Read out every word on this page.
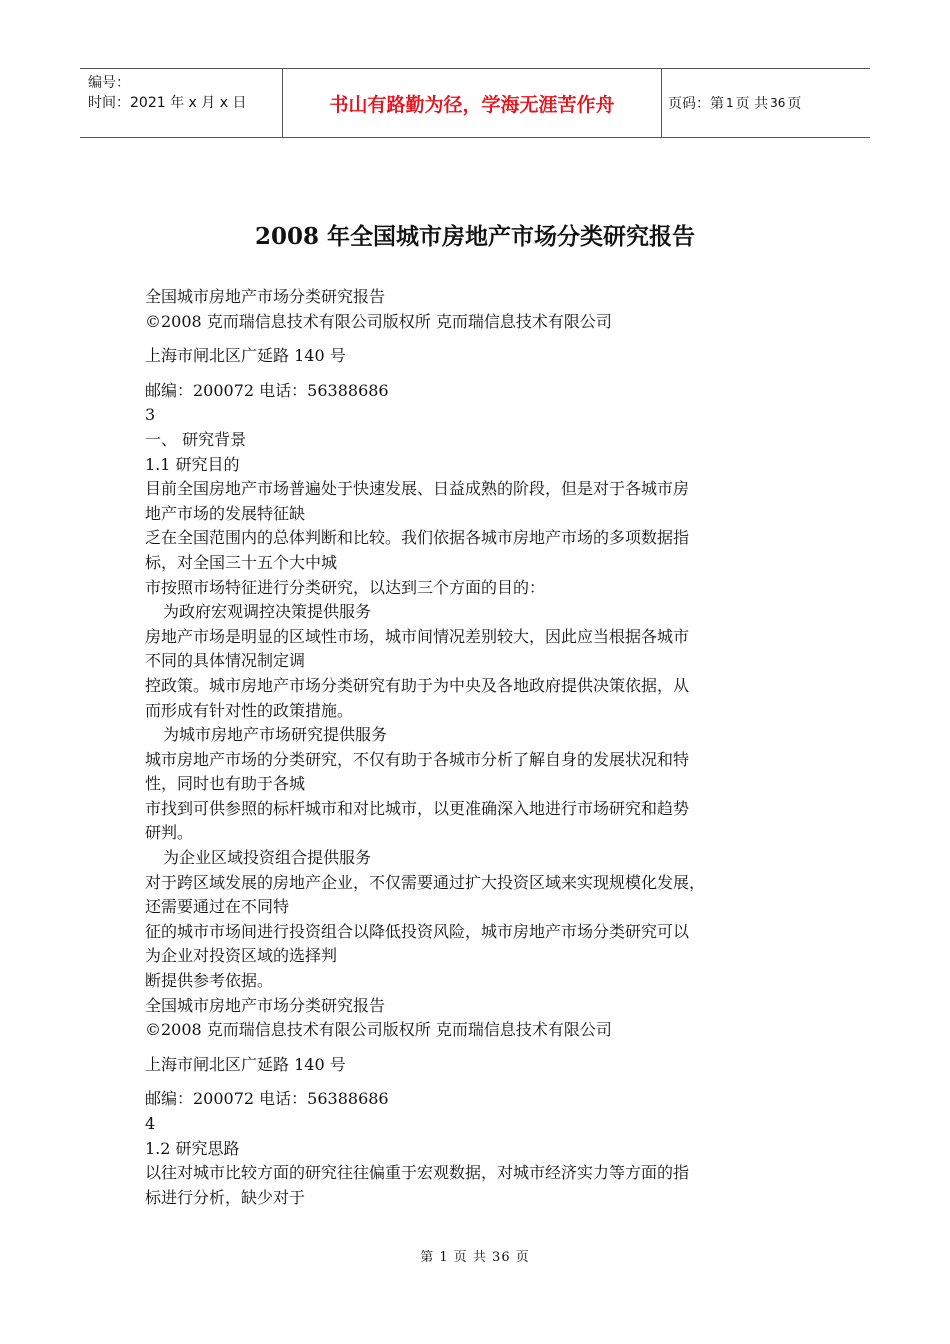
编号：
时间：2021 年 x 月 x 日	书山有路勤为径，学海无涯苦作舟	页码：第 1 页 共 36 页
2008 年全国城市房地产市场分类研究报告
全国城市房地产市场分类研究报告
©2008 克而瑞信息技术有限公司版权所 克而瑞信息技术有限公司
上海市闸北区广延路 140 号
邮编：200072 电话：56388686
3
一、 研究背景
1.1 研究目的
目前全国房地产市场普遍处于快速发展、日益成熟的阶段，但是对于各城市房
地产市场的发展特征缺
乏在全国范围内的总体判断和比较。我们依据各城市房地产市场的多项数据指
标，对全国三十五个大中城
市按照市场特征进行分类研究，以达到三个方面的目的：
为政府宏观调控决策提供服务
房地产市场是明显的区域性市场，城市间情况差别较大，因此应当根据各城市
不同的具体情况制定调
控政策。城市房地产市场分类研究有助于为中央及各地政府提供决策依据，从
而形成有针对性的政策措施。
为城市房地产市场研究提供服务
城市房地产市场的分类研究，不仅有助于各城市分析了解自身的发展状况和特
性，同时也有助于各城
市找到可供参照的标杆城市和对比城市，以更准确深入地进行市场研究和趋势
研判。
为企业区域投资组合提供服务
对于跨区域发展的房地产企业，不仅需要通过扩大投资区域来实现规模化发展，
还需要通过在不同特
征的城市市场间进行投资组合以降低投资风险，城市房地产市场分类研究可以
为企业对投资区域的选择判
断提供参考依据。
全国城市房地产市场分类研究报告
©2008 克而瑞信息技术有限公司版权所 克而瑞信息技术有限公司
上海市闸北区广延路 140 号
邮编：200072 电话：56388686
4
1.2 研究思路
以往对城市比较方面的研究往往偏重于宏观数据，对城市经济实力等方面的指
标进行分析，缺少对于
第 1 页 共 36 页
